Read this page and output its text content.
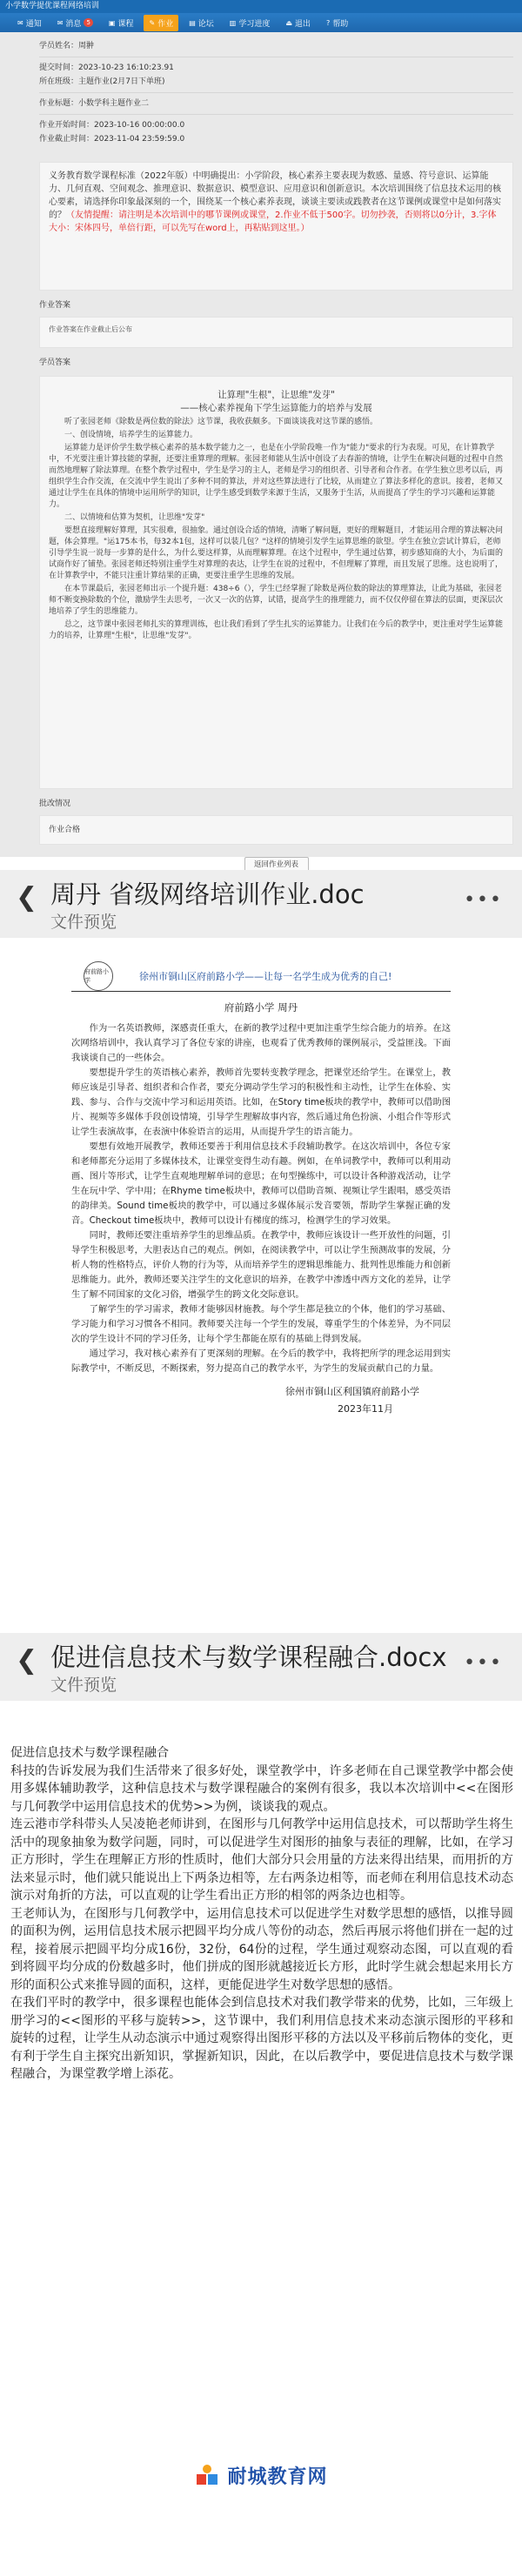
小学数学提优课程网络培训
✉ 通知 ✉ 消息 5	▣ 课程 ✎ 作业 ▤ 论坛 ▥ 学习进度 ⏏ 退出 ? 帮助
学员姓名：周翀
提交时间：2023-10-23 16:10:23.91
所在班级：主题作业(2月7日下单班)
作业标题：小数学科主题作业二
作业开始时间：2023-10-16 00:00:00.0
作业截止时间：2023-11-04 23:59:59.0
义务教育数学课程标准（2022年版）中明确提出：小学阶段，核心素养主要表现为数感、量感、符号意识、运算能力、几何直观、空间观念、推理意识、数据意识、模型意识、应用意识和创新意识。本次培训围绕了信息技术运用的核心要素，请选择你印象最深刻的一个，围绕某一个核心素养表现，谈谈主要读或践教者在这节课例或课堂中是如何落实的？（友情提醒：请注明是本次培训中的哪节课例或课堂，2.作业不低于500字。切勿抄袭，否则将以0分计，3.字体大小：宋体四号，单倍行距，可以先写在word上，再粘贴到这里。）
作业答案
作业答案在作业截止后公布
学员答案
让算理"生根"，让思维"发芽"
——核心素养视角下学生运算能力的培养与发展

听了张园老师《除数是两位数的除法》这节课，我收获颇多。下面谈谈我对这节课的感悟。

一、创设情境，培养学生的运算能力。

运算能力是评价学生数学核心素养的基本数学能力之一，也是在小学阶段唯一作为"能力"要求的行为表现。可见，在计算教学中，不光要注重计算技能的掌握，还要注重算理的理解。张园老师能从生活中创设了去春游的情境，让学生在解决问题的过程中自然而然地理解了除法算理。在整个教学过程中，学生是学习的主人，老师是学习的组织者、引导者和合作者。在学生独立思考以后，再组织学生合作交流，在交流中学生说出了多种不同的算法，并对这些算法进行了比较，从而建立了算法多样化的意识。接着，老师又通过让学生在具体的情境中运用所学的知识，让学生感受到数学来源于生活，又服务于生活，从而提高了学生的学习兴趣和运算能力。

二、以情境和估算为契机，让思维"发芽"

要想直接理解好算理，其实很难，很抽象。通过创设合适的情境，清晰了解问题，更好的理解题目，才能运用合理的算法解决问题，体会算理。"运175本书，每32本1包，这样可以装几包？"这样的情境引发学生运算思维的欲望。学生在独立尝试计算后，老师引导学生说一说每一步算的是什么，为什么要这样算，从而理解算理。在这个过程中，学生通过估算，初步感知商的大小，为后面的试商作好了铺垫。张园老师还特别注重学生对算理的表达，让学生在说的过程中，不但理解了算理，而且发展了思维。这也说明了，在计算教学中，不能只注重计算结果的正确，更要注重学生思维的发展。

在本节课最后，张园老师出示一个提升题：438÷6（），学生已经掌握了除数是两位数的除法的算理算法，让此为基础，张园老师不断变换除数的个位，激励学生去思考，一次又一次的估算，试错，提高学生的推理能力，而不仅仅停留在算法的层面，更深层次地培养了学生的思维能力。

总之，这节课中张园老师扎实的算理训练，也让我们看到了学生扎实的运算能力。让我们在今后的教学中，更注重对学生运算能力的培养，让算理"生根"，让思维"发芽"。

批改情况
作业合格
返回作业列表
❮ 周丹 省级网络培训作业.doc
文件预览
•••
府前路小学	徐州市铜山区府前路小学——让每一名学生成为优秀的自己!
府前路小学 周丹

作为一名英语教师，深感责任重大，在新的教学过程中更加注重学生综合能力的培养。在这次网络培训中，我认真学习了各位专家的讲座，也观看了优秀教师的课例展示，受益匪浅。下面我谈谈自己的一些体会。

要想提升学生的英语核心素养，教师首先要转变教学理念，把课堂还给学生。在课堂上，教师应该是引导者、组织者和合作者，要充分调动学生学习的积极性和主动性，让学生在体验、实践、参与、合作与交流中学习和运用英语。比如，在Story time板块的教学中，教师可以借助图片、视频等多媒体手段创设情境，引导学生理解故事内容，然后通过角色扮演、小组合作等形式让学生表演故事，在表演中体验语言的运用，从而提升学生的语言能力。

要想有效地开展教学，教师还要善于利用信息技术手段辅助教学。在这次培训中，各位专家和老师都充分运用了多媒体技术，让课堂变得生动有趣。例如，在单词教学中，教师可以利用动画、图片等形式，让学生直观地理解单词的意思；在句型操练中，可以设计各种游戏活动，让学生在玩中学、学中用；在Rhyme time板块中，教师可以借助音频、视频让学生跟唱，感受英语的韵律美。Sound time板块的教学中，可以通过多媒体展示发音要领，帮助学生掌握正确的发音。Checkout time板块中，教师可以设计有梯度的练习，检测学生的学习效果。

同时，教师还要注重培养学生的思维品质。在教学中，教师应该设计一些开放性的问题，引导学生积极思考，大胆表达自己的观点。例如，在阅读教学中，可以让学生预测故事的发展，分析人物的性格特点，评价人物的行为等，从而培养学生的逻辑思维能力、批判性思维能力和创新思维能力。此外，教师还要关注学生的文化意识的培养，在教学中渗透中西方文化的差异，让学生了解不同国家的文化习俗，增强学生的跨文化交际意识。

了解学生的学习需求，教师才能够因材施教。每个学生都是独立的个体，他们的学习基础、学习能力和学习习惯各不相同。教师要关注每一个学生的发展，尊重学生的个体差异，为不同层次的学生设计不同的学习任务，让每个学生都能在原有的基础上得到发展。

通过学习，我对核心素养有了更深刻的理解。在今后的教学中，我将把所学的理念运用到实际教学中，不断反思，不断探索，努力提高自己的教学水平，为学生的发展贡献自己的力量。

徐州市铜山区利国镇府前路小学
2023年11月
❮ 促进信息技术与数学课程融合.docx
文件预览
•••
促进信息技术与数学课程融合
科技的告诉发展为我们生活带来了很多好处，课堂教学中，许多老师在自己课堂教学中都会使用多媒体辅助教学，这种信息技术与数学课程融合的案例有很多，我以本次培训中<<在图形与几何教学中运用信息技术的优势>>为例，谈谈我的观点。
连云港市学科带头人吴凌艳老师讲到，在图形与几何教学中运用信息技术，可以帮助学生将生活中的现象抽象为数学问题，同时，可以促进学生对图形的抽象与表征的理解，比如，在学习正方形时，学生在理解正方形的性质时，他们大部分只会用量的方法来得出结果，而用折的方法来显示时，他们就只能说出上下两条边相等，左右两条边相等，而老师在利用信息技术动态演示对角折的方法，可以直观的让学生看出正方形的相邻的两条边也相等。
王老师认为，在图形与几何教学中，运用信息技术可以促进学生对数学思想的感悟，以推导圆的面积为例，运用信息技术展示把圆平均分成八等份的动态，然后再展示将他们拼在一起的过程，接着展示把圆平均分成16份，32份，64份的过程，学生通过观察动态图，可以直观的看到将圆平均分成的份数越多时，他们拼成的图形就越接近长方形，此时学生就会想起来用长方形的面积公式来推导圆的面积，这样，更能促进学生对数学思想的感悟。
在我们平时的教学中，很多课程也能体会到信息技术对我们教学带来的优势，比如，三年级上册学习的<<图形的平移与旋转>>，这节课中，我们利用信息技术来动态演示图形的平移和旋转的过程，让学生从动态演示中通过观察得出图形平移的方法以及平移前后物体的变化，更有利于学生自主探究出新知识，掌握新知识，因此，在以后教学中，要促进信息技术与数学课程融合，为课堂教学增上添花。
耐城教育网
